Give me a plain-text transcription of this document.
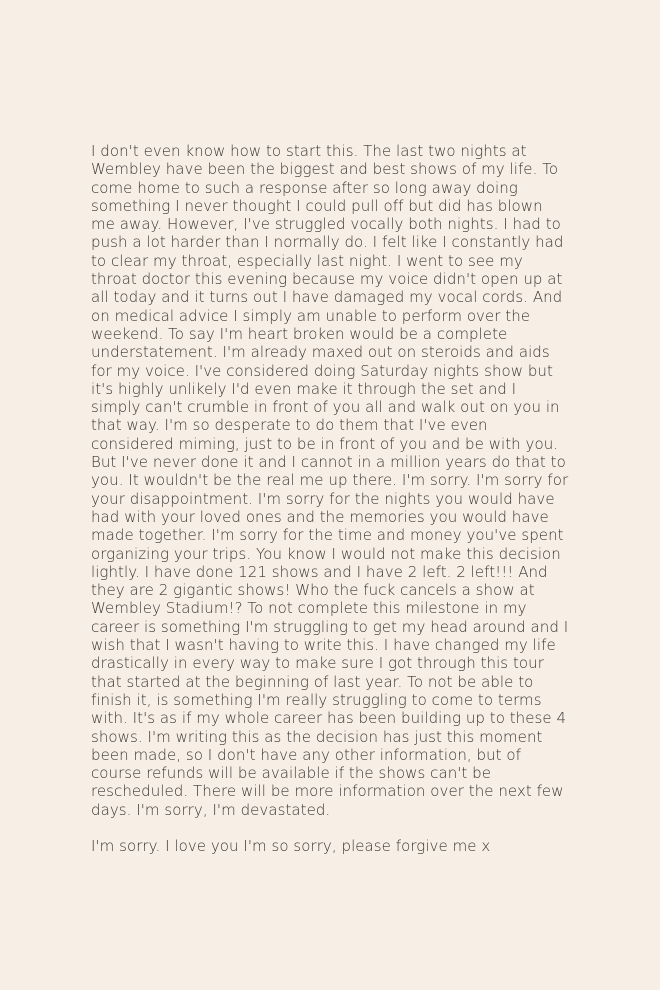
I don't even know how to start this. The last two nights at Wembley have been the biggest and best shows of my life. To come home to such a response after so long away doing something I never thought I could pull off but did has blown me away. However, I've struggled vocally both nights. I had to push a lot harder than I normally do. I felt like I constantly had to clear my throat, especially last night. I went to see my throat doctor this evening because my voice didn't open up at all today and it turns out I have damaged my vocal cords. And on medical advice I simply am unable to perform over the weekend. To say I'm heart broken would be a complete understatement. I'm already maxed out on steroids and aids for my voice. I've considered doing Saturday nights show but it's highly unlikely I'd even make it through the set and I simply can't crumble in front of you all and walk out on you in that way. I'm so desperate to do them that I've even considered miming, just to be in front of you and be with you. But I've never done it and I cannot in a million years do that to you. It wouldn't be the real me up there. I'm sorry. I'm sorry for your disappointment. I'm sorry for the nights you would have had with your loved ones and the memories you would have made together. I'm sorry for the time and money you've spent organizing your trips. You know I would not make this decision lightly. I have done 121 shows and I have 2 left. 2 left!!! And they are 2 gigantic shows! Who the fuck cancels a show at Wembley Stadium!? To not complete this milestone in my career is something I'm struggling to get my head around and I wish that I wasn't having to write this. I have changed my life drastically in every way to make sure I got through this tour that started at the beginning of last year. To not be able to finish it, is something I'm really struggling to come to terms with. It's as if my whole career has been building up to these 4 shows. I'm writing this as the decision has just this moment been made, so I don't have any other information, but of course refunds will be available if the shows can't be rescheduled. There will be more information over the next few days. I'm sorry, I'm devastated.

I'm sorry. I love you I'm so sorry, please forgive me x
